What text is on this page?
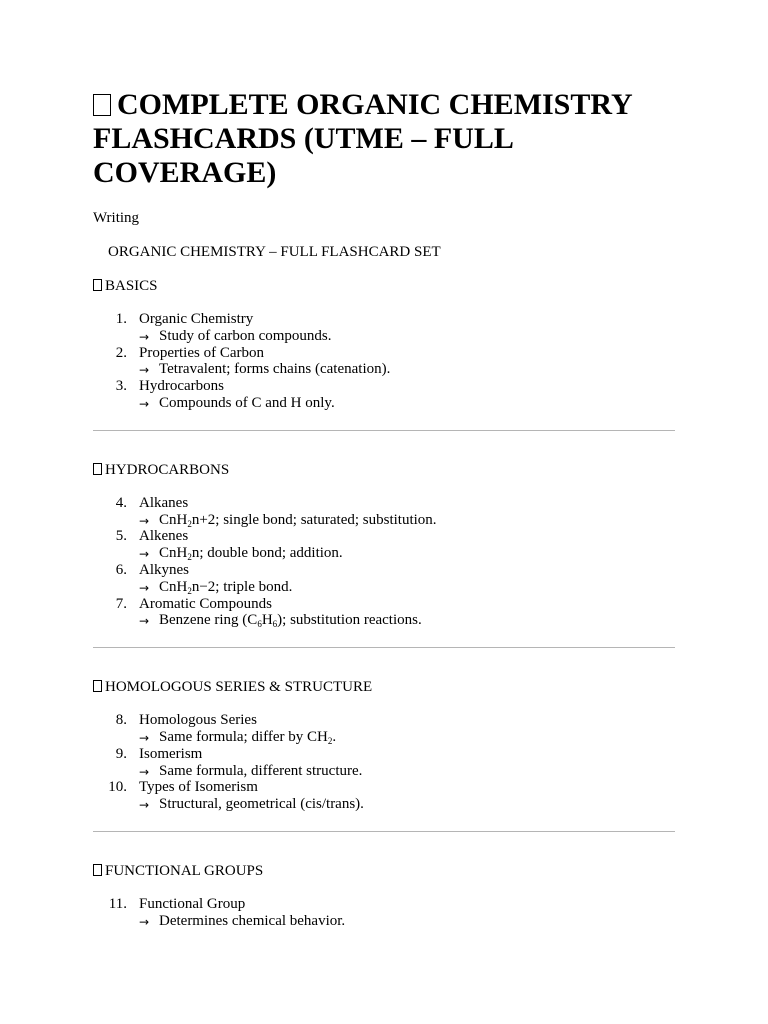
COMPLETE ORGANIC CHEMISTRY FLASHCARDS (UTME – FULL COVERAGE)

Writing

ORGANIC CHEMISTRY – FULL FLASHCARD SET

BASICS

1. Organic Chemistry
→ Study of carbon compounds.
2. Properties of Carbon
→ Tetravalent; forms chains (catenation).
3. Hydrocarbons
→ Compounds of C and H only.

HYDROCARBONS

4. Alkanes
→ CnH$_2$n+2; single bond; saturated; substitution.
5. Alkenes
→ CnH$_2$n; double bond; addition.
6. Alkynes
→ CnH$_2$n−2; triple bond.
7. Aromatic Compounds
→ Benzene ring $(C_6H_6)$; substitution reactions.

HOMOLOGOUS SERIES & STRUCTURE

8. Homologous Series
→ Same formula; differ by $CH_2$.
9. Isomerism
→ Same formula, different structure.
10. Types of Isomerism
→ Structural, geometrical (cis/trans).

FUNCTIONAL GROUPS

11. Functional Group
→ Determines chemical behavior.
